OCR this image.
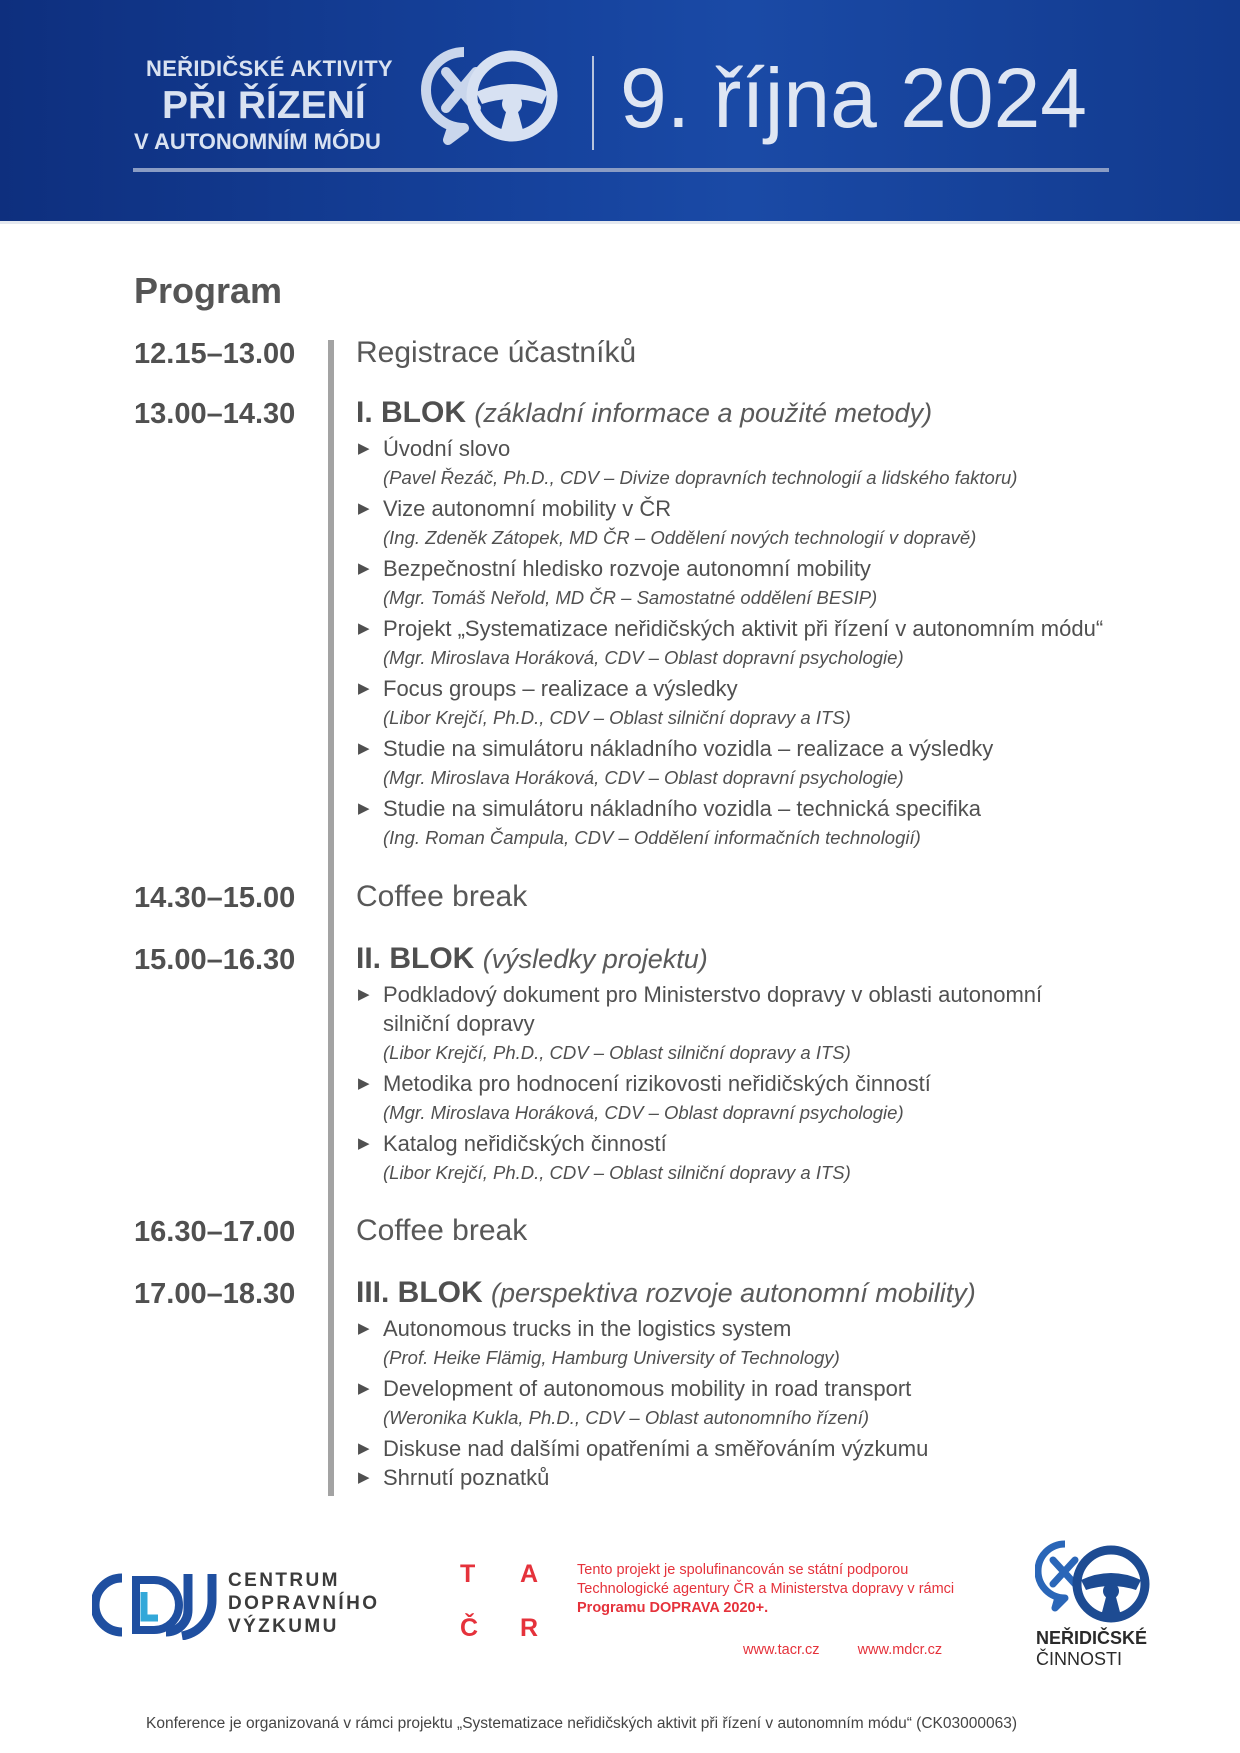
NEŘIDIČSKÉ AKTIVITY
PŘI ŘÍZENÍ
V AUTONOMNÍM MÓDU	9. října 2024
Program
12.15–13.00 Registrace účastníků
13.00–14.30 I. BLOK (základní informace a použité metody)
▶ Úvodní slovo
(Pavel Řezáč, Ph.D., CDV – Divize dopravních technologií a lidského faktoru)
▶ Vize autonomní mobility v ČR
(Ing. Zdeněk Zátopek, MD ČR – Oddělení nových technologií v dopravě)
▶ Bezpečnostní hledisko rozvoje autonomní mobility
(Mgr. Tomáš Neřold, MD ČR – Samostatné oddělení BESIP)
▶ Projekt „Systematizace neřidičských aktivit při řízení v autonomním módu“
(Mgr. Miroslava Horáková, CDV – Oblast dopravní psychologie)
▶ Focus groups – realizace a výsledky
(Libor Krejčí, Ph.D., CDV – Oblast silniční dopravy a ITS)
▶ Studie na simulátoru nákladního vozidla – realizace a výsledky
(Mgr. Miroslava Horáková, CDV – Oblast dopravní psychologie)
▶ Studie na simulátoru nákladního vozidla – technická specifika
(Ing. Roman Čampula, CDV – Oddělení informačních technologií)
14.30–15.00 Coffee break
15.00–16.30 II. BLOK (výsledky projektu)
▶ Podkladový dokument pro Ministerstvo dopravy v oblasti autonomní silniční dopravy
(Libor Krejčí, Ph.D., CDV – Oblast silniční dopravy a ITS)
▶ Metodika pro hodnocení rizikovosti neřidičských činností
(Mgr. Miroslava Horáková, CDV – Oblast dopravní psychologie)
▶ Katalog neřidičských činností
(Libor Krejčí, Ph.D., CDV – Oblast silniční dopravy a ITS)
16.30–17.00 Coffee break
17.00–18.30 III. BLOK (perspektiva rozvoje autonomní mobility)
▶ Autonomous trucks in the logistics system
(Prof. Heike Flämig, Hamburg University of Technology)
▶ Development of autonomous mobility in road transport
(Weronika Kukla, Ph.D., CDV – Oblast autonomního řízení)
▶ Diskuse nad dalšími opatřeními a směřováním výzkumu
▶ Shrnutí poznatků
CENTRUM
DOPRAVNÍHO
VÝZKUMU
T A
Č R
Tento projekt je spolufinancován se státní podporou Technologické agentury ČR a Ministerstva dopravy v rámci Programu DOPRAVA 2020+.
www.tacr.cz	www.mdcr.cz
NEŘIDIČSKÉ
ČINNOSTI
Konference je organizovaná v rámci projektu „Systematizace neřidičských aktivit při řízení v autonomním módu“ (CK03000063)
